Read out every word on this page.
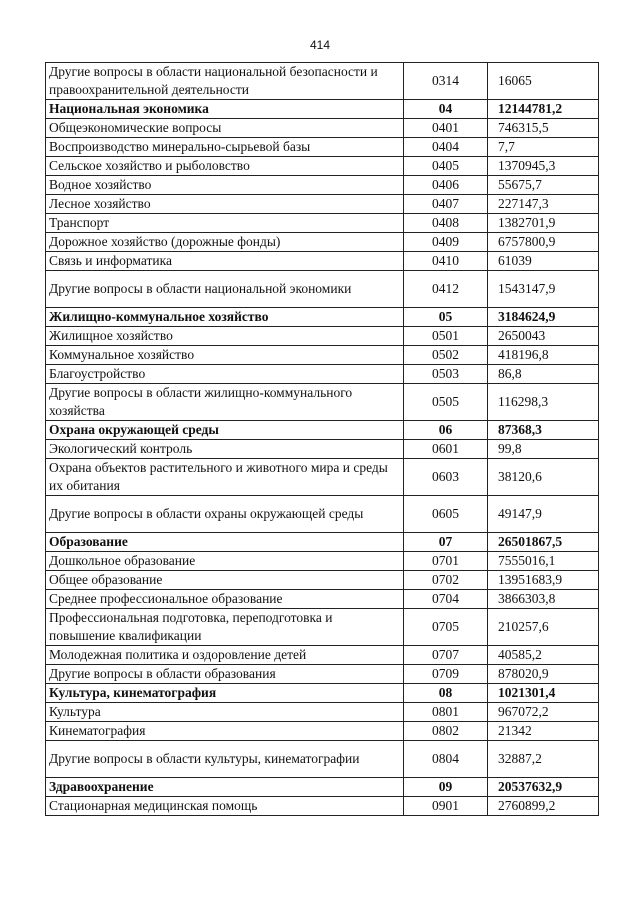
414
Другие вопросы в области национальной безопасности и правоохранительной деятельности	0314	16065
Национальная экономика	04	12144781,2
Общеэкономические вопросы	0401	746315,5
Воспроизводство минерально-сырьевой базы	0404	7,7
Сельское хозяйство и рыболовство	0405	1370945,3
Водное хозяйство	0406	55675,7
Лесное хозяйство	0407	227147,3
Транспорт	0408	1382701,9
Дорожное хозяйство (дорожные фонды)	0409	6757800,9
Связь и информатика	0410	61039
Другие вопросы в области национальной экономики	0412	1543147,9
Жилищно-коммунальное хозяйство	05	3184624,9
Жилищное хозяйство	0501	2650043
Коммунальное хозяйство	0502	418196,8
Благоустройство	0503	86,8
Другие вопросы в области жилищно-коммунального хозяйства	0505	116298,3
Охрана окружающей среды	06	87368,3
Экологический контроль	0601	99,8
Охрана объектов растительного и животного мира и среды их обитания	0603	38120,6
Другие вопросы в области охраны окружающей среды	0605	49147,9
Образование	07	26501867,5
Дошкольное образование	0701	7555016,1
Общее образование	0702	13951683,9
Среднее профессиональное образование	0704	3866303,8
Профессиональная подготовка, переподготовка и повышение квалификации	0705	210257,6
Молодежная политика и оздоровление детей	0707	40585,2
Другие вопросы в области образования	0709	878020,9
Культура, кинематография	08	1021301,4
Культура	0801	967072,2
Кинематография	0802	21342
Другие вопросы в области культуры, кинематографии	0804	32887,2
Здравоохранение	09	20537632,9
Стационарная медицинская помощь	0901	2760899,2
